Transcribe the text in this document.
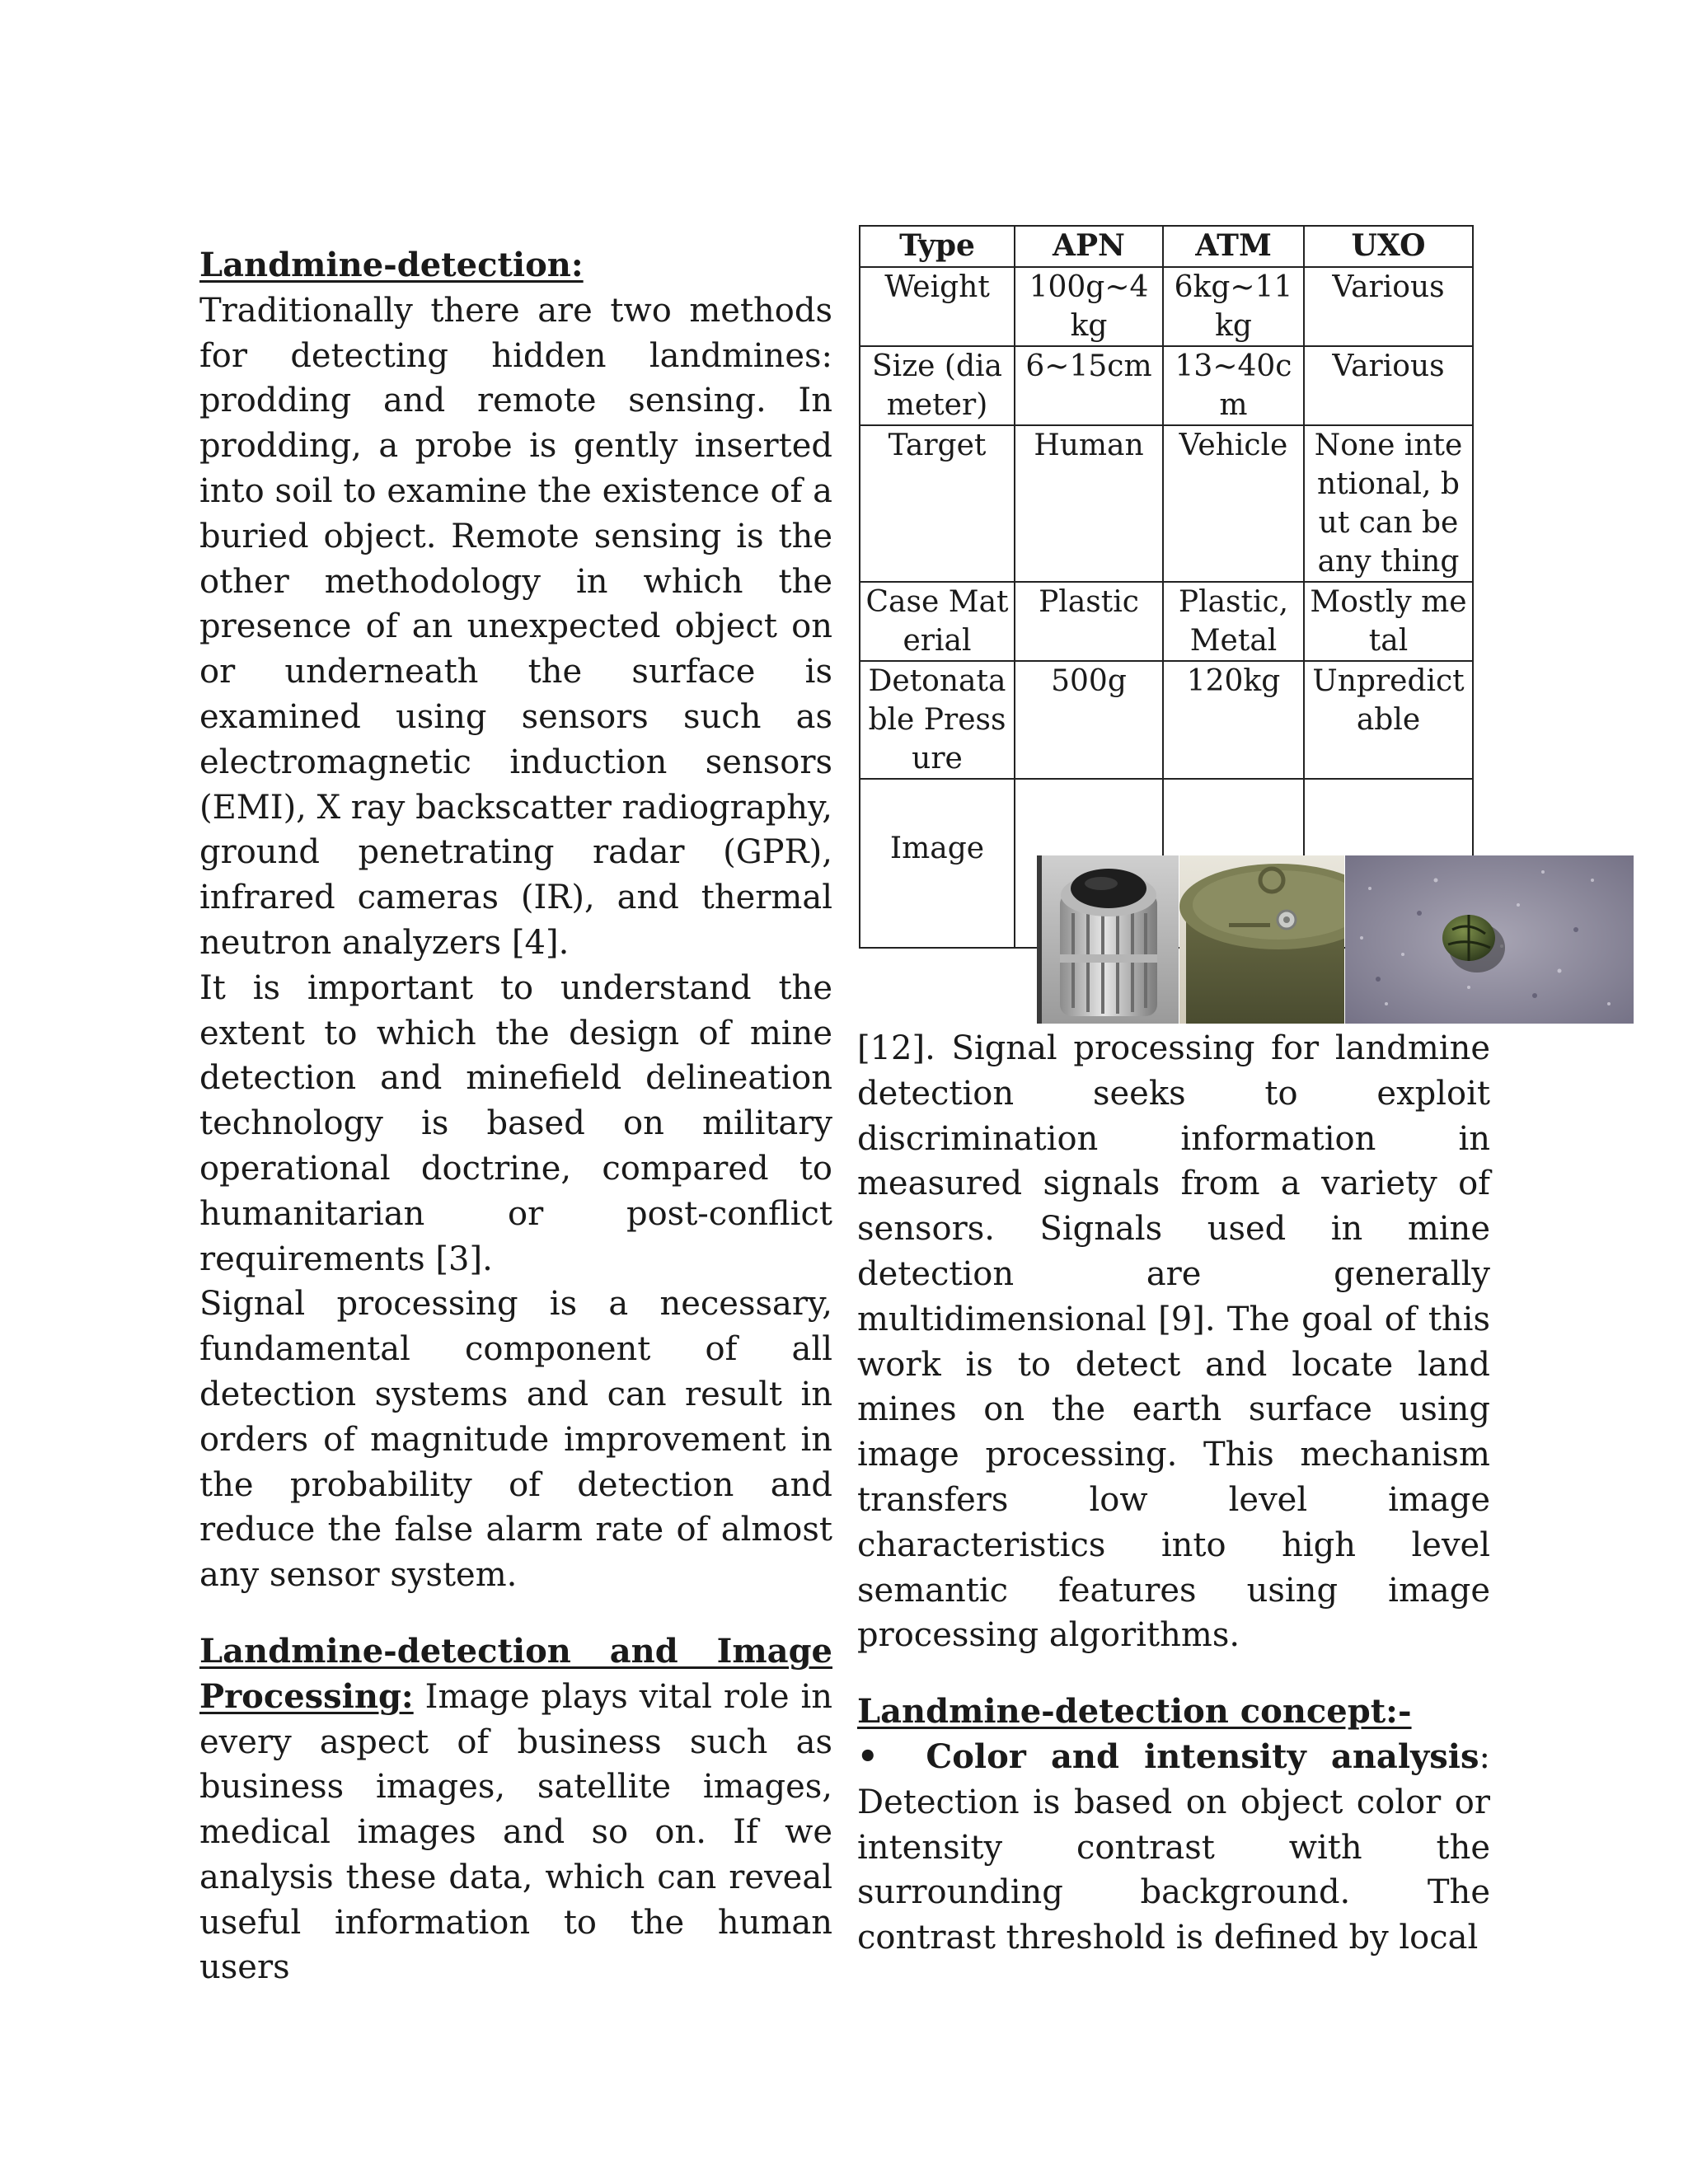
Landmine-detection:    Traditionally there are two methods for detecting hidden landmines: prodding and remote sensing. In prodding, a probe is gently inserted into soil to examine the existence of a buried object. Remote sensing is the other methodology in which the presence of an unexpected object on or underneath the surface is examined using sensors such as electromagnetic induction sensors (EMI), X ray backscatter radiography, ground penetrating radar (GPR), infrared cameras (IR), and thermal neutron analyzers [4].

It is important to understand the extent to which the design of mine detection and minefield delineation technology is based on military operational doctrine, compared to humanitarian or post-conflict requirements [3].

Signal processing is a necessary, fundamental component of all detection systems and can result in orders of magnitude improvement in the probability of detection and reduce the false alarm rate of almost any sensor system.

Landmine-detection and Image Processing: Image plays vital role in every aspect of business such as business images, satellite images, medical images and so on. If we analysis these data, which can reveal useful information to the human users

Type	APN	ATM	UXO
Weight	100g~4 kg	6kg~11 kg	Various
Size (diameter)	6~15cm	13~40cm	Various
Target	Human	Vehicle	None intentional, but can be any thing
Case Material	Plastic	Plastic, Metal	Mostly metal
Detonatable Pressure	500g	120kg	Unpredictable

Image			

[12]. Signal processing for landmine detection seeks to exploit discrimination information in measured signals from a variety of sensors. Signals used in mine detection are generally multidimensional [9]. The goal of this work is to detect and locate land mines on the earth surface using image processing. This mechanism transfers low level image characteristics into high level semantic features using image processing algorithms.

Landmine-detection concept:-

• Color and intensity analysis: Detection is based on object color or intensity contrast with the surrounding background. The contrast threshold is defined by local
